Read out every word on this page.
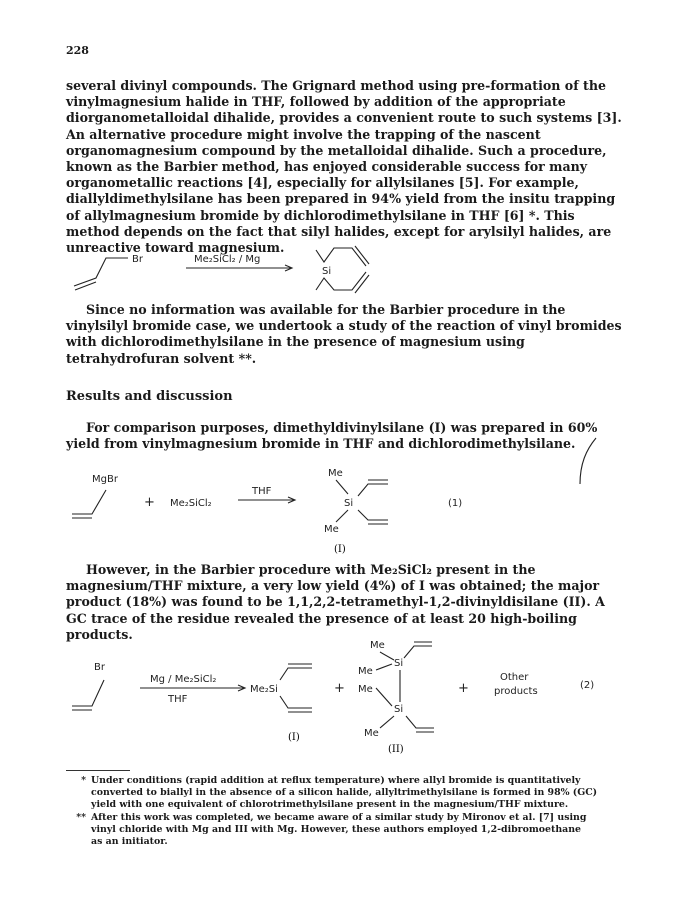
228

several divinyl compounds. The Grignard method using pre-formation of the vinylmagnesium halide in THF, followed by addition of the appropriate diorganometalloidal dihalide, provides a convenient route to such systems [3]. An alternative procedure might involve the trapping of the nascent organomagnesium compound by the metalloidal dihalide. Such a procedure, known as the Barbier method, has enjoyed considerable success for many organometallic reactions [4], especially for allylsilanes [5]. For example, diallyldimethylsilane has been prepared in 94% yield from the insitu trapping of allylmagnesium bromide by dichlorodimethylsilane in THF [6] *. This method depends on the fact that silyl halides, except for arylsilyl halides, are unreactive toward magnesium.

Br	Me₂SiCl₂ / Mg
Si

Since no information was available for the Barbier procedure in the vinylsilyl bromide case, we undertook a study of the reaction of vinyl bromides with dichlorodimethylsilane in the presence of magnesium using tetrahydrofuran solvent **.

Results and discussion

For comparison purposes, dimethyldivinylsilane (I) was prepared in 60% yield from vinylmagnesium bromide in THF and dichlorodimethylsilane.

MgBr
+ Me₂SiCl₂
THF
Me
Si
Me
(1)
(I)

However, in the Barbier procedure with Me₂SiCl₂ present in the magnesium/THF mixture, a very low yield (4%) of I was obtained; the major product (18%) was found to be 1,1,2,2-tetramethyl-1,2-divinyldisilane (II). A GC trace of the residue revealed the presence of at least 20 high-boiling products.

Br
Mg / Me₂SiCl₂
THF
Me₂Si
(I)
+
Me
Si
Me
Me
Si
Me
(II)
+
Other
products
(2)
* Under conditions (rapid addition at reflux temperature) where allyl bromide is quantitatively
converted to biallyl in the absence of a silicon halide, allyltrimethylsilane is formed in 98% (GC)
yield with one equivalent of chlorotrimethylsilane present in the magnesium/THF mixture.
** After this work was completed, we became aware of a similar study by Mironov et al. [7] using
vinyl chloride with Mg and III with Mg. However, these authors employed 1,2-dibromoethane
as an initiator.
